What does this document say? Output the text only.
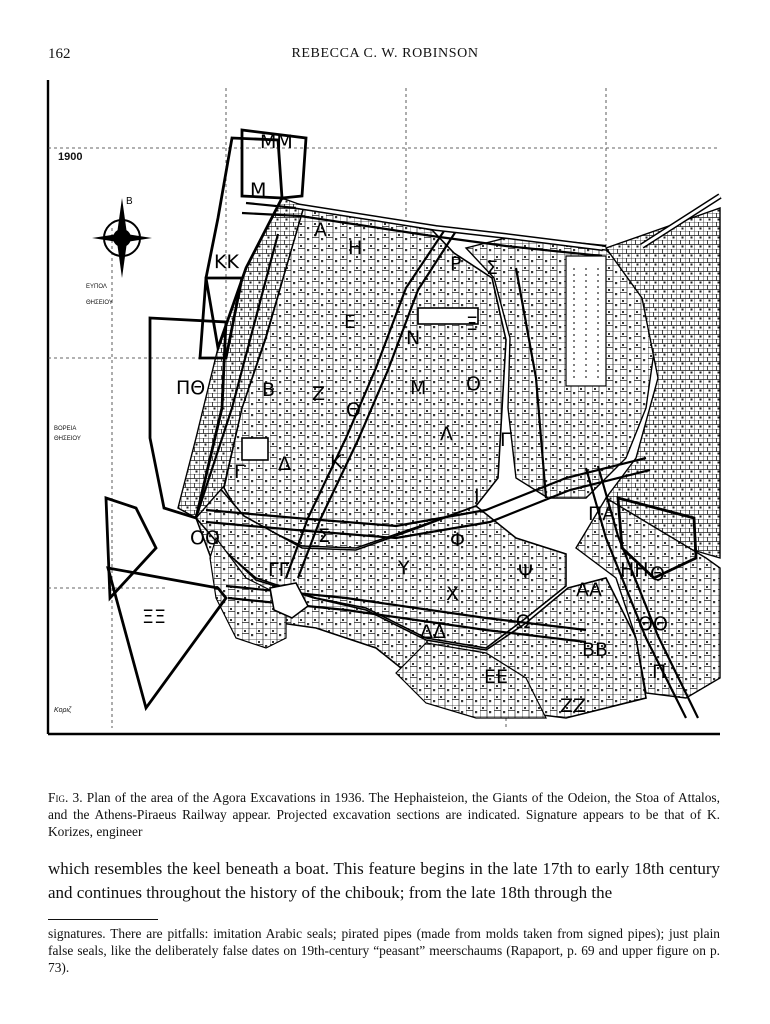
162	REBECCA C. W. ROBINSON
Β
1900
ΕΥΠΟΛ
ΘΗΣΕΙΟΥ
ΒΟΡΕΙΑ
ΘΗΣΕΙΟΥ
Κοριζ
ΜΜ
Μ
ΚΚ
ΠΘ
Α
Η
Ρ Σ
Ε
Ν
Ξ
Β Ζ	Μ Ο
Θ
Λ Γ
Γ Δ Κ
Ι
ΟΟ	Σ
ΓΓ
Φ
Ψ
Υ
Χ
Ω
ΞΞ
ΔΔ
ΕΕ
ΖΖ
ΑΑ
ΒΒ
ΗΗ Θ
ΠΑ
ΘΘ
Π
Fig. 3. Plan of the area of the Agora Excavations in 1936. The Hephaisteion, the Giants of the Odeion, the Stoa of Attalos, and the Athens-Piraeus Railway appear. Projected excavation sections are indicated. Signature appears to be that of K. Korizes, engineer
which resembles the keel beneath a boat. This feature begins in the late 17th to early 18th century and continues throughout the history of the chibouk; from the late 18th through the
signatures. There are pitfalls: imitation Arabic seals; pirated pipes (made from molds taken from signed pipes); just plain false seals, like the deliberately false dates on 19th-century “peasant” meerschaums (Rapaport, p. 69 and upper figure on p. 73).
